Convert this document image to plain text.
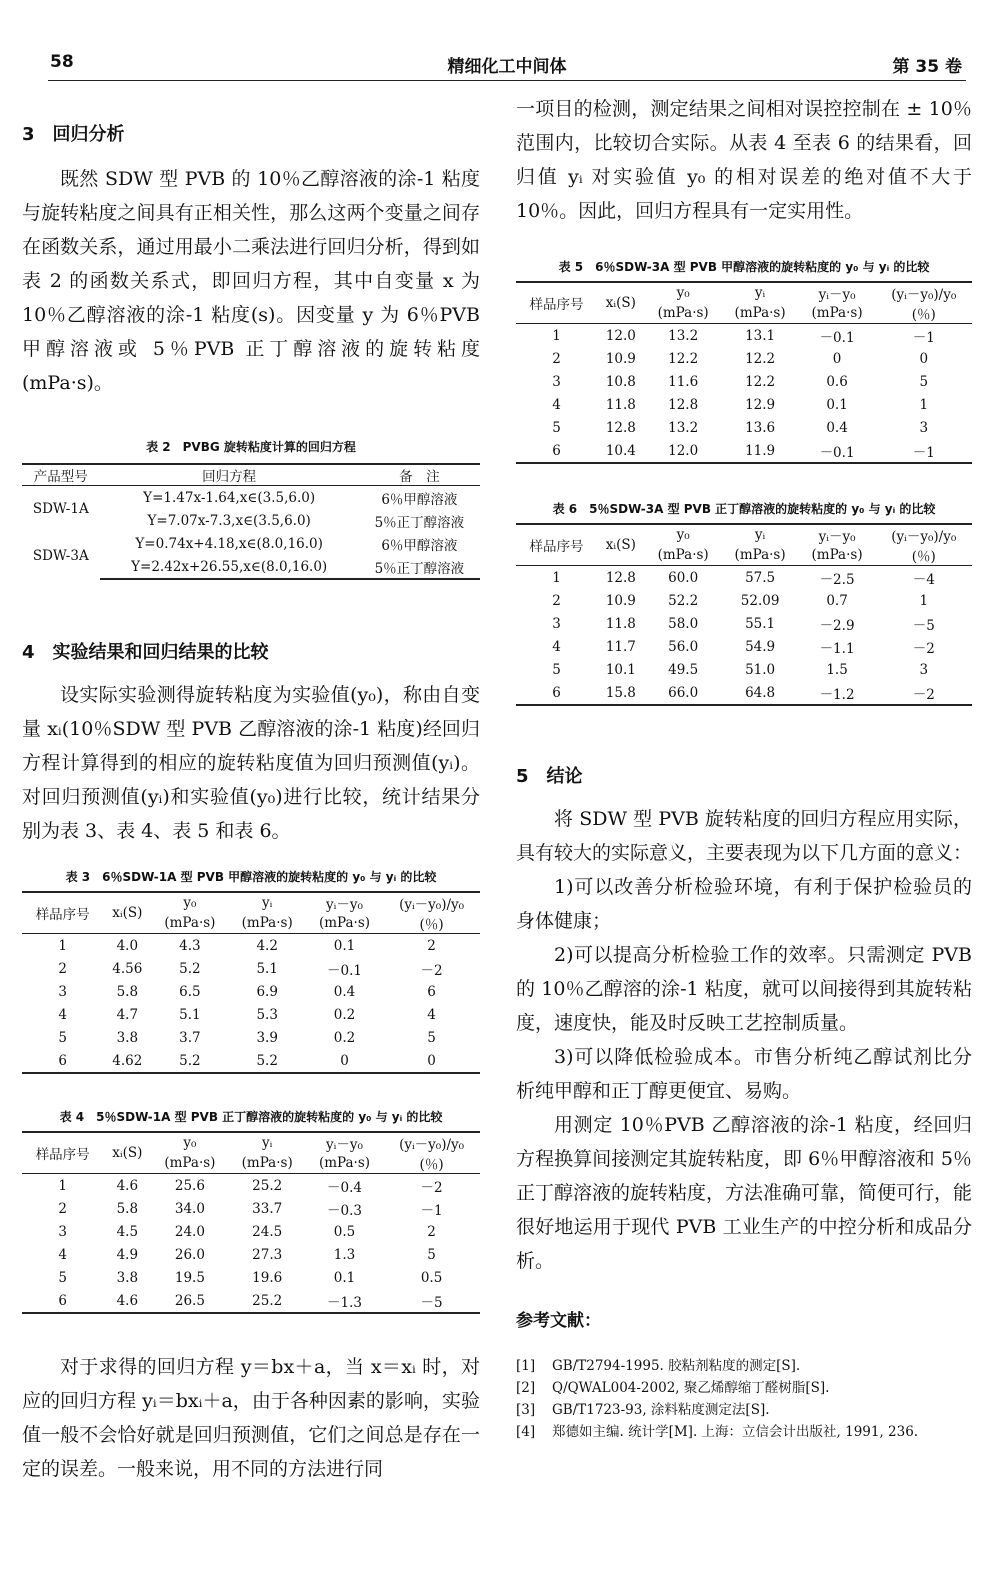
58	精细化工中间体	第 35 卷

3　回归分析

既然 SDW 型 PVB 的 10％乙醇溶液的涂-1 粘度与旋转粘度之间具有正相关性，那么这两个变量之间存在函数关系，通过用最小二乘法进行回归分析，得到如表 2 的函数关系式，即回归方程，其中自变量 x 为 10％乙醇溶液的涂-1 粘度(s)。因变量 y 为 6％PVB 甲醇溶液或 5％PVB 正丁醇溶液的旋转粘度(mPa·s)。

表 2　PVBG 旋转粘度计算的回归方程

产品型号	回归方程	备　注
SDW-1A	Y=1.47x-1.64,x∈(3.5,6.0)	6％甲醇溶液
	Y=7.07x-7.3,x∈(3.5,6.0)	5％正丁醇溶液
SDW-3A	Y=0.74x+4.18,x∈(8.0,16.0)	6％甲醇溶液
	Y=2.42x+26.55,x∈(8.0,16.0)	5％正丁醇溶液

4　实验结果和回归结果的比较

设实际实验测得旋转粘度为实验值(y₀)，称由自变量 xᵢ(10％SDW 型 PVB 乙醇溶液的涂-1 粘度)经回归方程计算得到的相应的旋转粘度值为回归预测值(yᵢ)。对回归预测值(yᵢ)和实验值(y₀)进行比较，统计结果分别为表 3、表 4、表 5 和表 6。

表 3　6％SDW-1A 型 PVB 甲醇溶液的旋转粘度的 y₀ 与 yᵢ 的比较

样品序号	xᵢ(S)	y₀	yᵢ	yᵢ－y₀	(yᵢ－y₀)/y₀
		(mPa·s)	(mPa·s)	(mPa·s)	(％)
1	4.0	4.3	4.2	0.1	2
2	4.56	5.2	5.1	－0.1	－2
3	5.8	6.5	6.9	0.4	6
4	4.7	5.1	5.3	0.2	4
5	3.8	3.7	3.9	0.2	5
6	4.62	5.2	5.2	0	0

表 4　5％SDW-1A 型 PVB 正丁醇溶液的旋转粘度的 y₀ 与 yᵢ 的比较

样品序号	xᵢ(S)	y₀	yᵢ	yᵢ－y₀	(yᵢ－y₀)/y₀
		(mPa·s)	(mPa·s)	(mPa·s)	(％)
1	4.6	25.6	25.2	－0.4	－2
2	5.8	34.0	33.7	－0.3	－1
3	4.5	24.0	24.5	0.5	2
4	4.9	26.0	27.3	1.3	5
5	3.8	19.5	19.6	0.1	0.5
6	4.6	26.5	25.2	－1.3	－5

对于求得的回归方程 y＝bx＋a，当 x＝xᵢ 时，对应的回归方程 yᵢ＝bxᵢ＋a，由于各种因素的影响，实验值一般不会恰好就是回归预测值，它们之间总是存在一定的误差。一般来说，用不同的方法进行同

一项目的检测，测定结果之间相对误控控制在 ± 10％范围内，比较切合实际。从表 4 至表 6 的结果看，回归值 yᵢ 对实验值 y₀ 的相对误差的绝对值不大于 10％。因此，回归方程具有一定实用性。

表 5　6％SDW-3A 型 PVB 甲醇溶液的旋转粘度的 y₀ 与 yᵢ 的比较

样品序号	xᵢ(S)	y₀	yᵢ	yᵢ－y₀	(yᵢ－y₀)/y₀
		(mPa·s)	(mPa·s)	(mPa·s)	(％)
1	12.0	13.2	13.1	－0.1	－1
2	10.9	12.2	12.2	0	0
3	10.8	11.6	12.2	0.6	5
4	11.8	12.8	12.9	0.1	1
5	12.8	13.2	13.6	0.4	3
6	10.4	12.0	11.9	－0.1	－1

表 6　5％SDW-3A 型 PVB 正丁醇溶液的旋转粘度的 y₀ 与 yᵢ 的比较

样品序号	xᵢ(S)	y₀	yᵢ	yᵢ－y₀	(yᵢ－y₀)/y₀
		(mPa·s)	(mPa·s)	(mPa·s)	(％)
1	12.8	60.0	57.5	－2.5	－4
2	10.9	52.2	52.09	0.7	1
3	11.8	58.0	55.1	－2.9	－5
4	11.7	56.0	54.9	－1.1	－2
5	10.1	49.5	51.0	1.5	3
6	15.8	66.0	64.8	－1.2	－2

5　结论

将 SDW 型 PVB 旋转粘度的回归方程应用实际，具有较大的实际意义，主要表现为以下几方面的意义：

1)可以改善分析检验环境，有利于保护检验员的身体健康；

2)可以提高分析检验工作的效率。只需测定 PVB 的 10％乙醇溶的涂-1 粘度，就可以间接得到其旋转粘度，速度快，能及时反映工艺控制质量。

3)可以降低检验成本。市售分析纯乙醇试剂比分析纯甲醇和正丁醇更便宜、易购。

用测定 10％PVB 乙醇溶液的涂-1 粘度，经回归方程换算间接测定其旋转粘度，即 6％甲醇溶液和 5％正丁醇溶液的旋转粘度，方法准确可靠，简便可行，能很好地运用于现代 PVB 工业生产的中控分析和成品分析。

参考文献：

[1] GB/T2794-1995. 胶粘剂粘度的测定[S].

[2] Q/QWAL004-2002, 聚乙烯醇缩丁醛树脂[S].

[3] GB/T1723-93, 涂料粘度测定法[S].

[4] 郑德如主编. 统计学[M]. 上海：立信会计出版社, 1991, 236.
